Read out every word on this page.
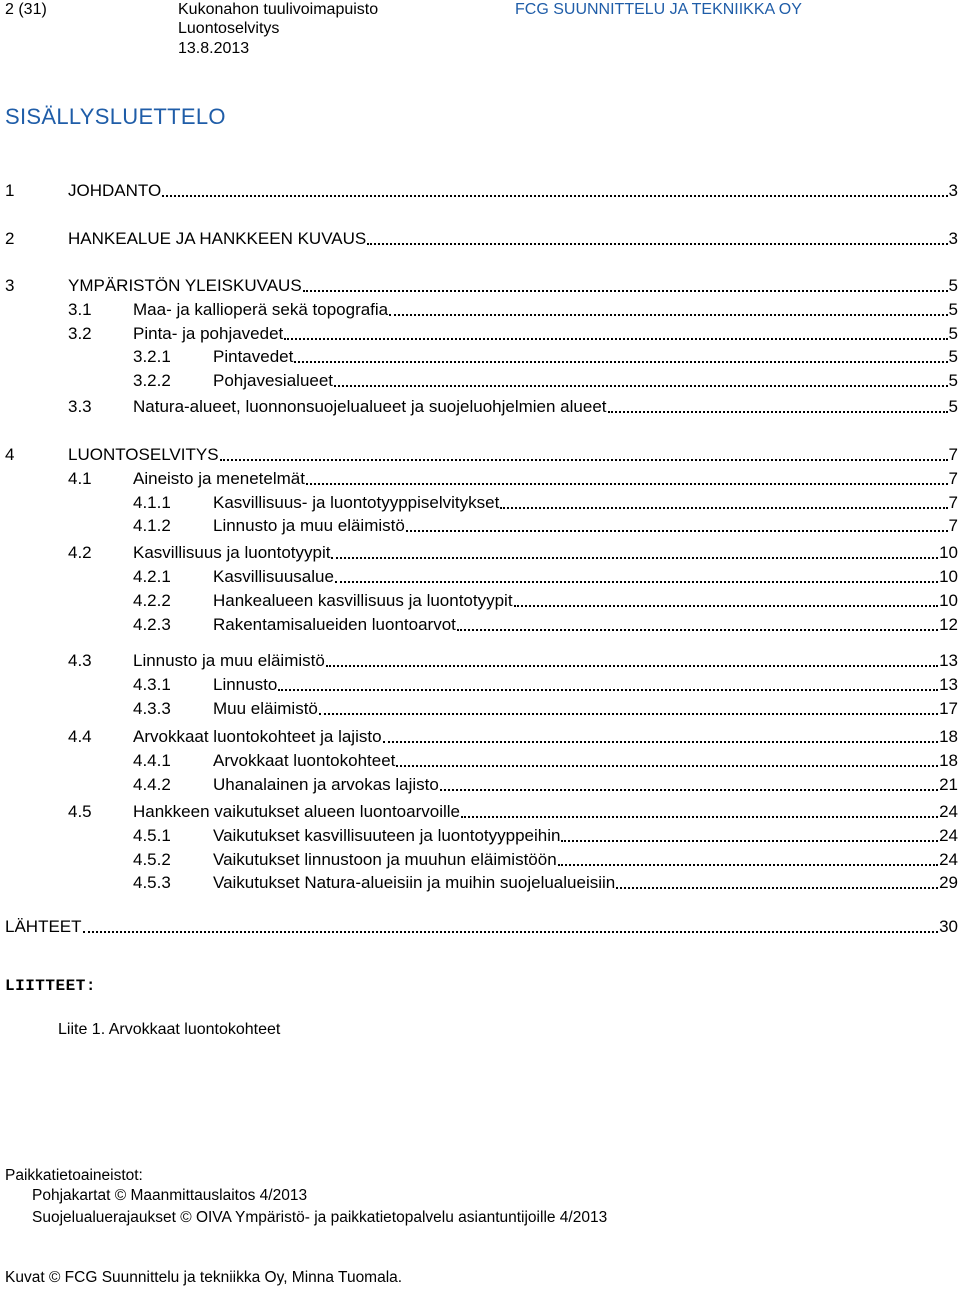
2 (31)	Kukonahon tuulivoimapuisto
Luontoselvitys
13.8.2013
FCG SUUNNITTELU JA TEKNIIKKA OY
SISÄLLYSLUETTELO
1	JOHDANTO	3
2	HANKEALUE JA HANKKEEN KUVAUS	3
3	YMPÄRISTÖN YLEISKUVAUS	5
3.1	Maa- ja kallioperä sekä topografia	5
3.2	Pinta- ja pohjavedet	5
3.2.1	Pintavedet	5
3.2.2	Pohjavesialueet	5
3.3	Natura-alueet, luonnonsuojelualueet ja suojeluohjelmien alueet	5
4	LUONTOSELVITYS	7
4.1	Aineisto ja menetelmät	7
4.1.1	Kasvillisuus- ja luontotyyppiselvitykset	7
4.1.2	Linnusto ja muu eläimistö	7
4.2	Kasvillisuus ja luontotyypit	10
4.2.1	Kasvillisuusalue	10
4.2.2	Hankealueen kasvillisuus ja luontotyypit	10
4.2.3	Rakentamisalueiden luontoarvot	12
4.3	Linnusto ja muu eläimistö	13
4.3.1	Linnusto	13
4.3.3	Muu eläimistö	17
4.4	Arvokkaat luontokohteet ja lajisto	18
4.4.1	Arvokkaat luontokohteet	18
4.4.2	Uhanalainen ja arvokas lajisto	21
4.5	Hankkeen vaikutukset alueen luontoarvoille	24
4.5.1	Vaikutukset kasvillisuuteen ja luontotyyppeihin	24
4.5.2	Vaikutukset linnustoon ja muuhun eläimistöön	24
4.5.3	Vaikutukset Natura-alueisiin ja muihin suojelualueisiin	29
LÄHTEET	30
LIITTEET:
Liite 1. Arvokkaat luontokohteet
Paikkatietoaineistot:
Pohjakartat © Maanmittauslaitos 4/2013
Suojelualuerajaukset © OIVA Ympäristö- ja paikkatietopalvelu asiantuntijoille 4/2013
Kuvat © FCG Suunnittelu ja tekniikka Oy, Minna Tuomala.
